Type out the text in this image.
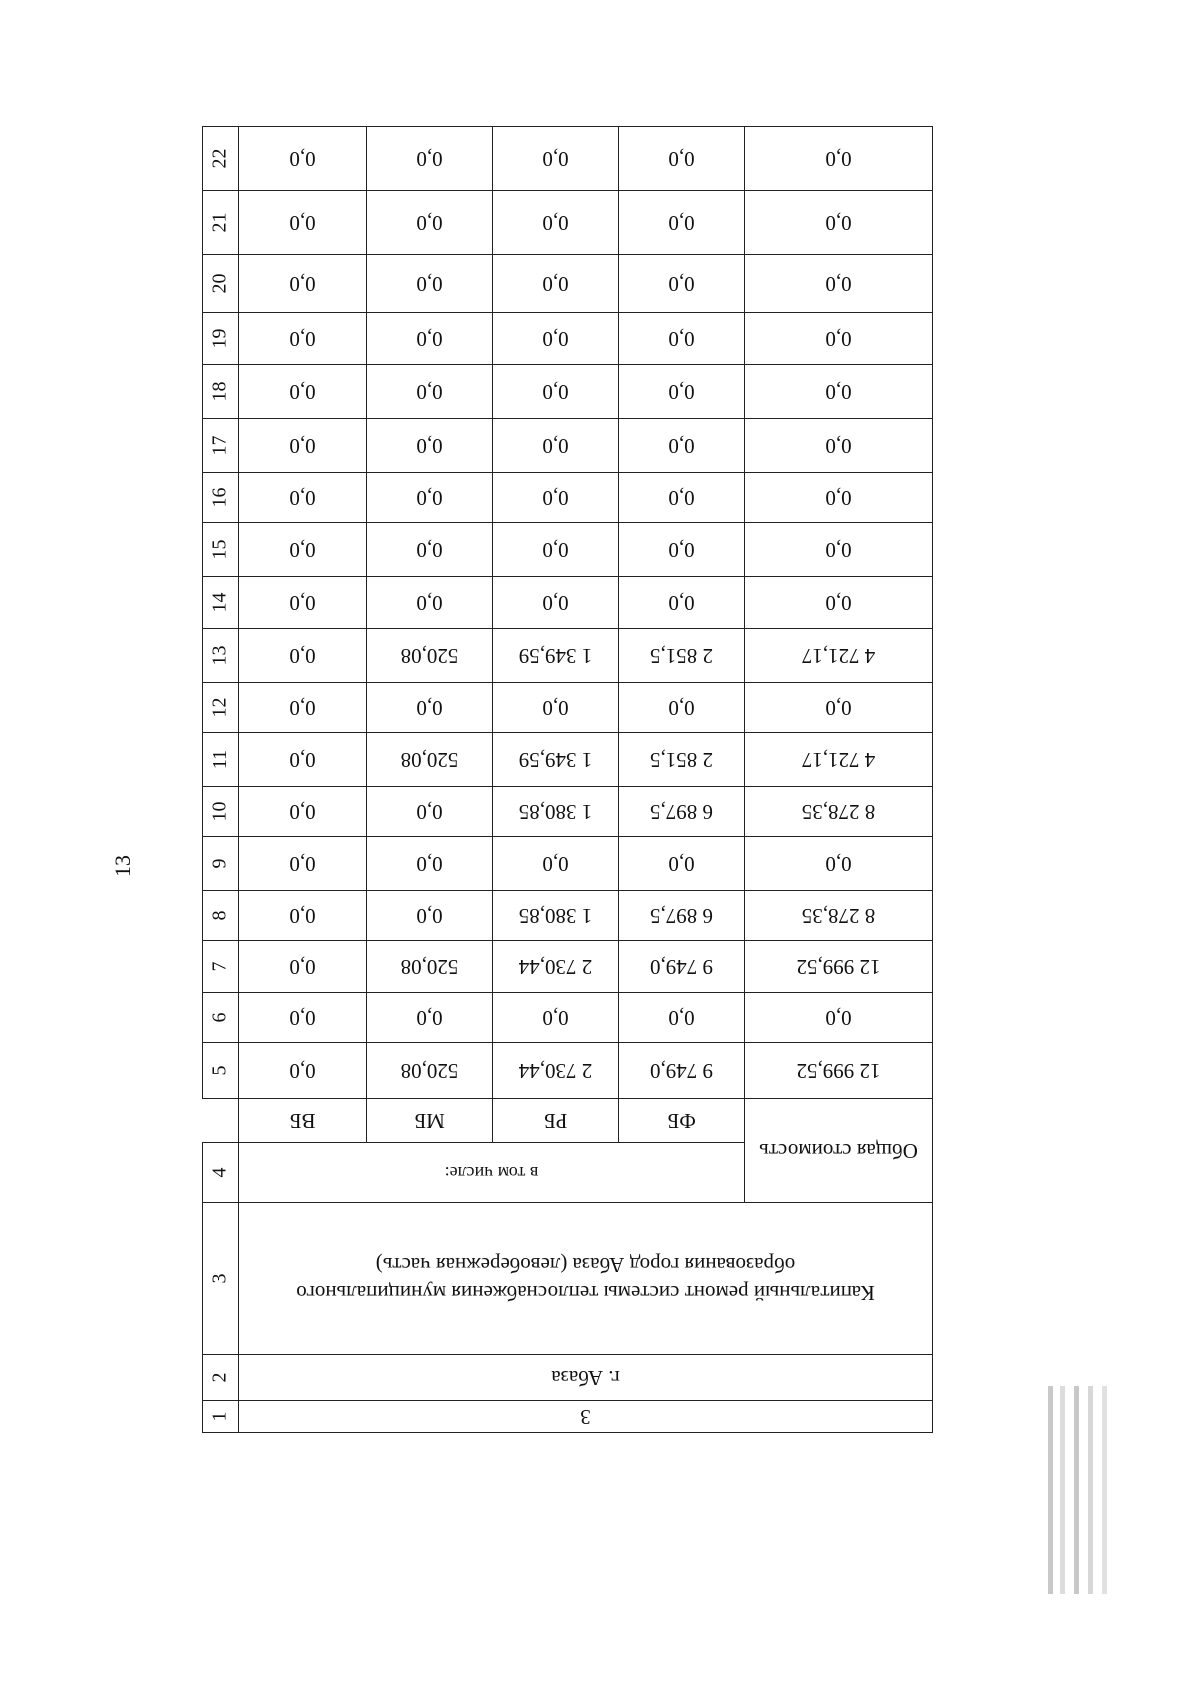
13
3					1
г. Абаза					2
Капитальный ремонт системы теплоснабжения муниципального образования город Абаза (левобережная часть)					3
Общая стоимость	в том числе:				4
	ФБ	РБ	МБ	ВБ	
12 999,52	9 749,0	2 730,44	520,08	0,0	5
0,0	0,0	0,0	0,0	0,0	6
12 999,52	9 749,0	2 730,44	520,08	0,0	7
8 278,35	6 897,5	1 380,85	0,0	0,0	8
0,0	0,0	0,0	0,0	0,0	9
8 278,35	6 897,5	1 380,85	0,0	0,0	10
4 721,17	2 851,5	1 349,59	520,08	0,0	11
0,0	0,0	0,0	0,0	0,0	12
4 721,17	2 851,5	1 349,59	520,08	0,0	13
0,0	0,0	0,0	0,0	0,0	14
0,0	0,0	0,0	0,0	0,0	15
0,0	0,0	0,0	0,0	0,0	16
0,0	0,0	0,0	0,0	0,0	17
0,0	0,0	0,0	0,0	0,0	18
0,0	0,0	0,0	0,0	0,0	19
0,0	0,0	0,0	0,0	0,0	20
0,0	0,0	0,0	0,0	0,0	21
0,0	0,0	0,0	0,0	0,0	22
